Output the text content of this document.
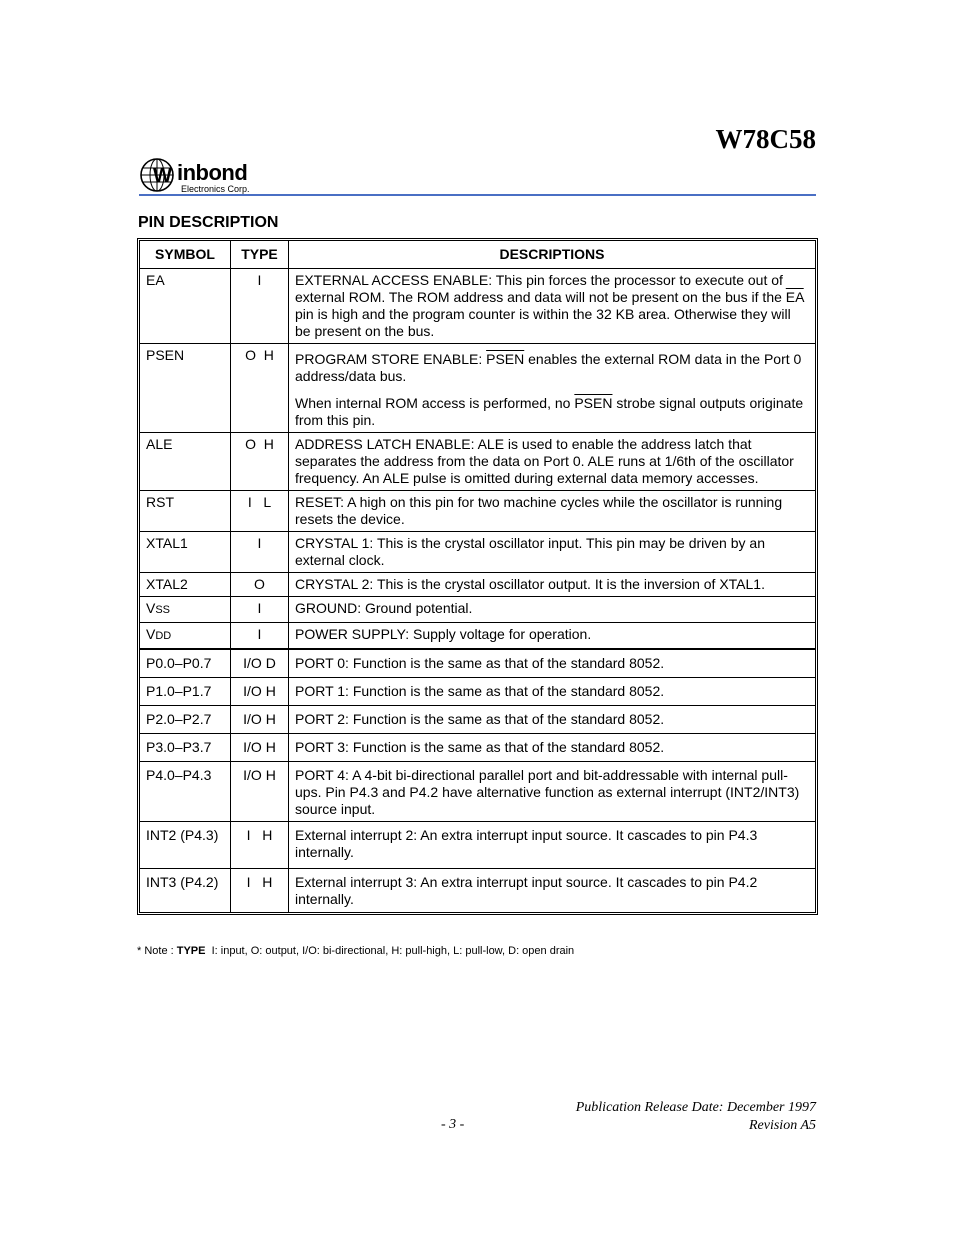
W78C58
W inbond
Electronics Corp.
PIN DESCRIPTION
SYMBOL	TYPE	DESCRIPTIONS
EA	I	EXTERNAL ACCESS ENABLE: This pin forces the processor to execute out of external ROM. The ROM address and data will not be present on the bus if the $\overline{EA}$ pin is high and the program counter is within the 32 KB area. Otherwise they will be present on the bus.
PSEN	O  H	PROGRAM STORE ENABLE: PSEN enables the external ROM data in the Port 0 address/data bus.
When internal ROM access is performed, no PSEN strobe signal outputs originate from this pin.

ALE	O  H	ADDRESS LATCH ENABLE: ALE is used to enable the address latch that separates the address from the data on Port 0. ALE runs at 1/6th of the oscillator frequency. An ALE pulse is omitted during external data memory accesses.
RST	I   L	RESET: A high on this pin for two machine cycles while the oscillator is running resets the device.
XTAL1	I	CRYSTAL 1: This is the crystal oscillator input. This pin may be driven by an external clock.
XTAL2	O	CRYSTAL 2: This is the crystal oscillator output. It is the inversion of XTAL1.
VSS	I	GROUND: Ground potential.
VDD	I	POWER SUPPLY: Supply voltage for operation.
P0.0–P0.7	I/O D	PORT 0: Function is the same as that of the standard 8052.
P1.0–P1.7	I/O H	PORT 1: Function is the same as that of the standard 8052.
P2.0–P2.7	I/O H	PORT 2: Function is the same as that of the standard 8052.
P3.0–P3.7	I/O H	PORT 3: Function is the same as that of the standard 8052.
P4.0–P4.3	I/O H	PORT 4: A 4-bit bi-directional parallel port and bit-addressable with internal pull-ups. Pin P4.3 and P4.2 have alternative function as external interrupt (INT2/INT3) source input.
INT2 (P4.3)	I   H	External interrupt 2: An extra interrupt input source. It cascades to pin P4.3 internally.
INT3 (P4.2)	I   H	External interrupt 3: An extra interrupt input source. It cascades to pin P4.2 internally.
* Note : TYPE  I: input, O: output, I/O: bi-directional, H: pull-high, L: pull-low, D: open drain
Publication Release Date: December 1997
Revision A5
- 3 -
